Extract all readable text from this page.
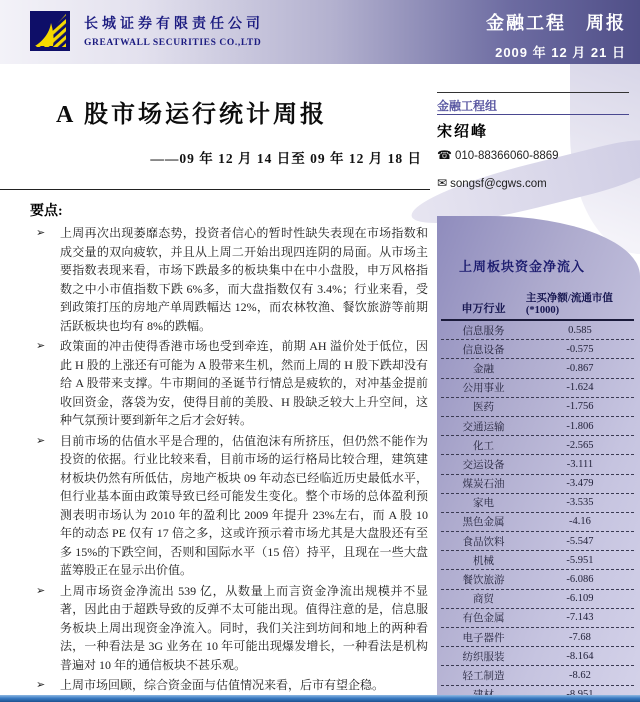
长城证券有限责任公司
GREATWALL SECURITIES CO.,LTD
金融工程　周报
2009 年 12 月 21 日
A 股市场运行统计周报
——09 年 12 月 14 日至 09 年 12 月 18 日
要点:
➢	上周再次出现萎靡态势，投资者信心的暂时性缺失表现在市场指数和成交量的双向疲软，并且从上周二开始出现四连阴的局面。从市场主要指数表现来看，市场下跌最多的板块集中在中小盘股，申万风格指数之中小市值指数下跌 6%多，而大盘指数仅有 3.4%；行业来看，受到政策打压的房地产单周跌幅达 12%，而农林牧渔、餐饮旅游等前期活跃板块也均有 8%的跌幅。
➢	政策面的冲击使得香港市场也受到牵连，前期 AH 溢价处于低位，因此 H 股的上涨还有可能为 A 股带来生机，然而上周的 H 股下跌却没有给 A 股带来支撑。牛市期间的圣诞节行情总是疲软的，对冲基金提前收回资金，落袋为安，使得目前的美股、H 股缺乏较大上升空间，这种气氛预计要到新年之后才会好转。
➢	目前市场的估值水平是合理的，估值泡沫有所挤压，但仍然不能作为投资的依据。行业比较来看，目前市场的运行格局比较合理，建筑建材板块仍然有所低估，房地产板块 09 年动态已经临近历史最低水平，但行业基本面由政策导致已经可能发生变化。整个市场的总体盈利预测表明市场认为 2010 年的盈利比 2009 年提升 23%左右，而 A 股 10 年的动态 PE 仅有 17 倍之多，这或许预示着市场尤其是大盘股还有至多 15%的下跌空间，否则和国际水平（15 倍）持平，且现在一些大盘蓝筹股正在显示出价值。
➢	上周市场资金净流出 539 亿，从数量上而言资金净流出规模并不显著，因此由于超跌导致的反弹不太可能出现。值得注意的是，信息服务板块上周出现资金净流入。同时，我们关注到坊间和地上的两种看法，一种看法是 3G 业务在 10 年可能出现爆发增长，一种看法是机构普遍对 10 年的通信板块不甚乐观。
➢	上周市场回顾，综合资金面与估值情况来看，后市有望企稳。
金融工程组
宋绍峰
☎ 010-88366060-8869
✉ songsf@cgws.com
上周板块资金净流入
申万行业
主买净额/流通市值(*1000)
信息服务	0.585
信息设备	-0.575
金融	-0.867
公用事业	-1.624
医药	-1.756
交通运输	-1.806
化工	-2.565
交运设备	-3.111
煤炭石油	-3.479
家电	-3.535
黑色金属	-4.16
食品饮料	-5.547
机械	-5.951
餐饮旅游	-6.086
商贸	-6.109
有色金属	-7.143
电子器件	-7.68
纺织服装	-8.164
轻工制造	-8.62
